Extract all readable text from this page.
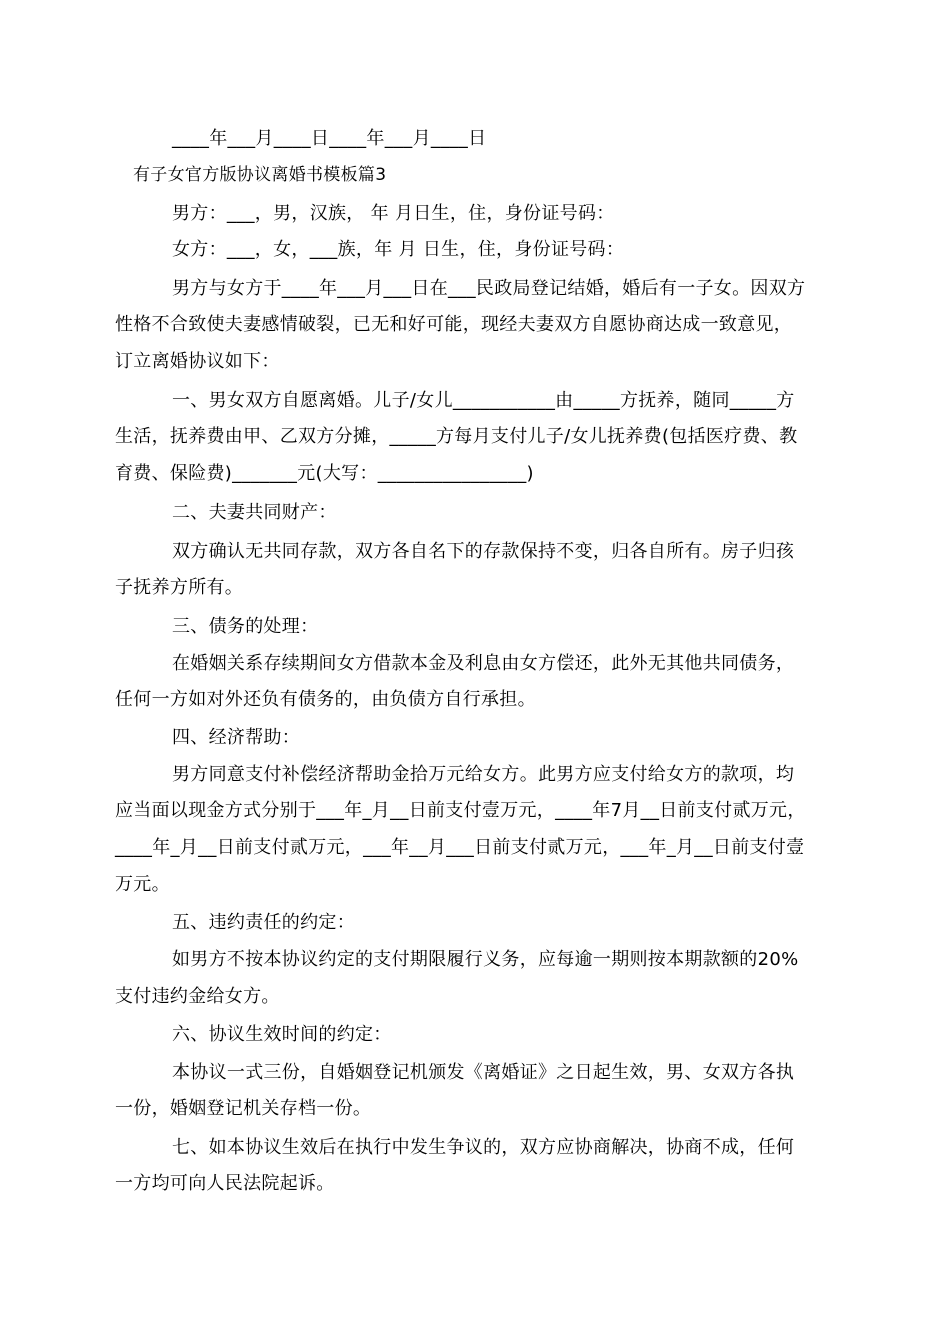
____年___月____日____年___月____日
有子女官方版协议离婚书模板篇3
男方：___，男，汉族， 年 月日生，住，身份证号码：
女方：___，女，___族，年 月 日生，住，身份证号码：
男方与女方于____年___月___日在___民政局登记结婚，婚后有一子女。因双方
性格不合致使夫妻感情破裂，已无和好可能，现经夫妻双方自愿协商达成一致意见，
订立离婚协议如下：
一、男女双方自愿离婚。儿子/女儿___________由_____方抚养，随同_____方
生活，抚养费由甲、乙双方分摊，_____方每月支付儿子/女儿抚养费(包括医疗费、教
育费、保险费)_______元(大写：________________)
二、夫妻共同财产：
双方确认无共同存款，双方各自名下的存款保持不变，归各自所有。房子归孩
子抚养方所有。
三、债务的处理：
在婚姻关系存续期间女方借款本金及利息由女方偿还，此外无其他共同债务，
任何一方如对外还负有债务的，由负债方自行承担。
四、经济帮助：
男方同意支付补偿经济帮助金拾万元给女方。此男方应支付给女方的款项，均
应当面以现金方式分别于___年_月__日前支付壹万元，____年7月__日前支付贰万元，
____年_月__日前支付贰万元，___年__月___日前支付贰万元，___年_月__日前支付壹
万元。
五、违约责任的约定：
如男方不按本协议约定的支付期限履行义务，应每逾一期则按本期款额的20%
支付违约金给女方。
六、协议生效时间的约定：
本协议一式三份，自婚姻登记机颁发《离婚证》之日起生效，男、女双方各执
一份，婚姻登记机关存档一份。
七、如本协议生效后在执行中发生争议的，双方应协商解决，协商不成，任何
一方均可向人民法院起诉。
